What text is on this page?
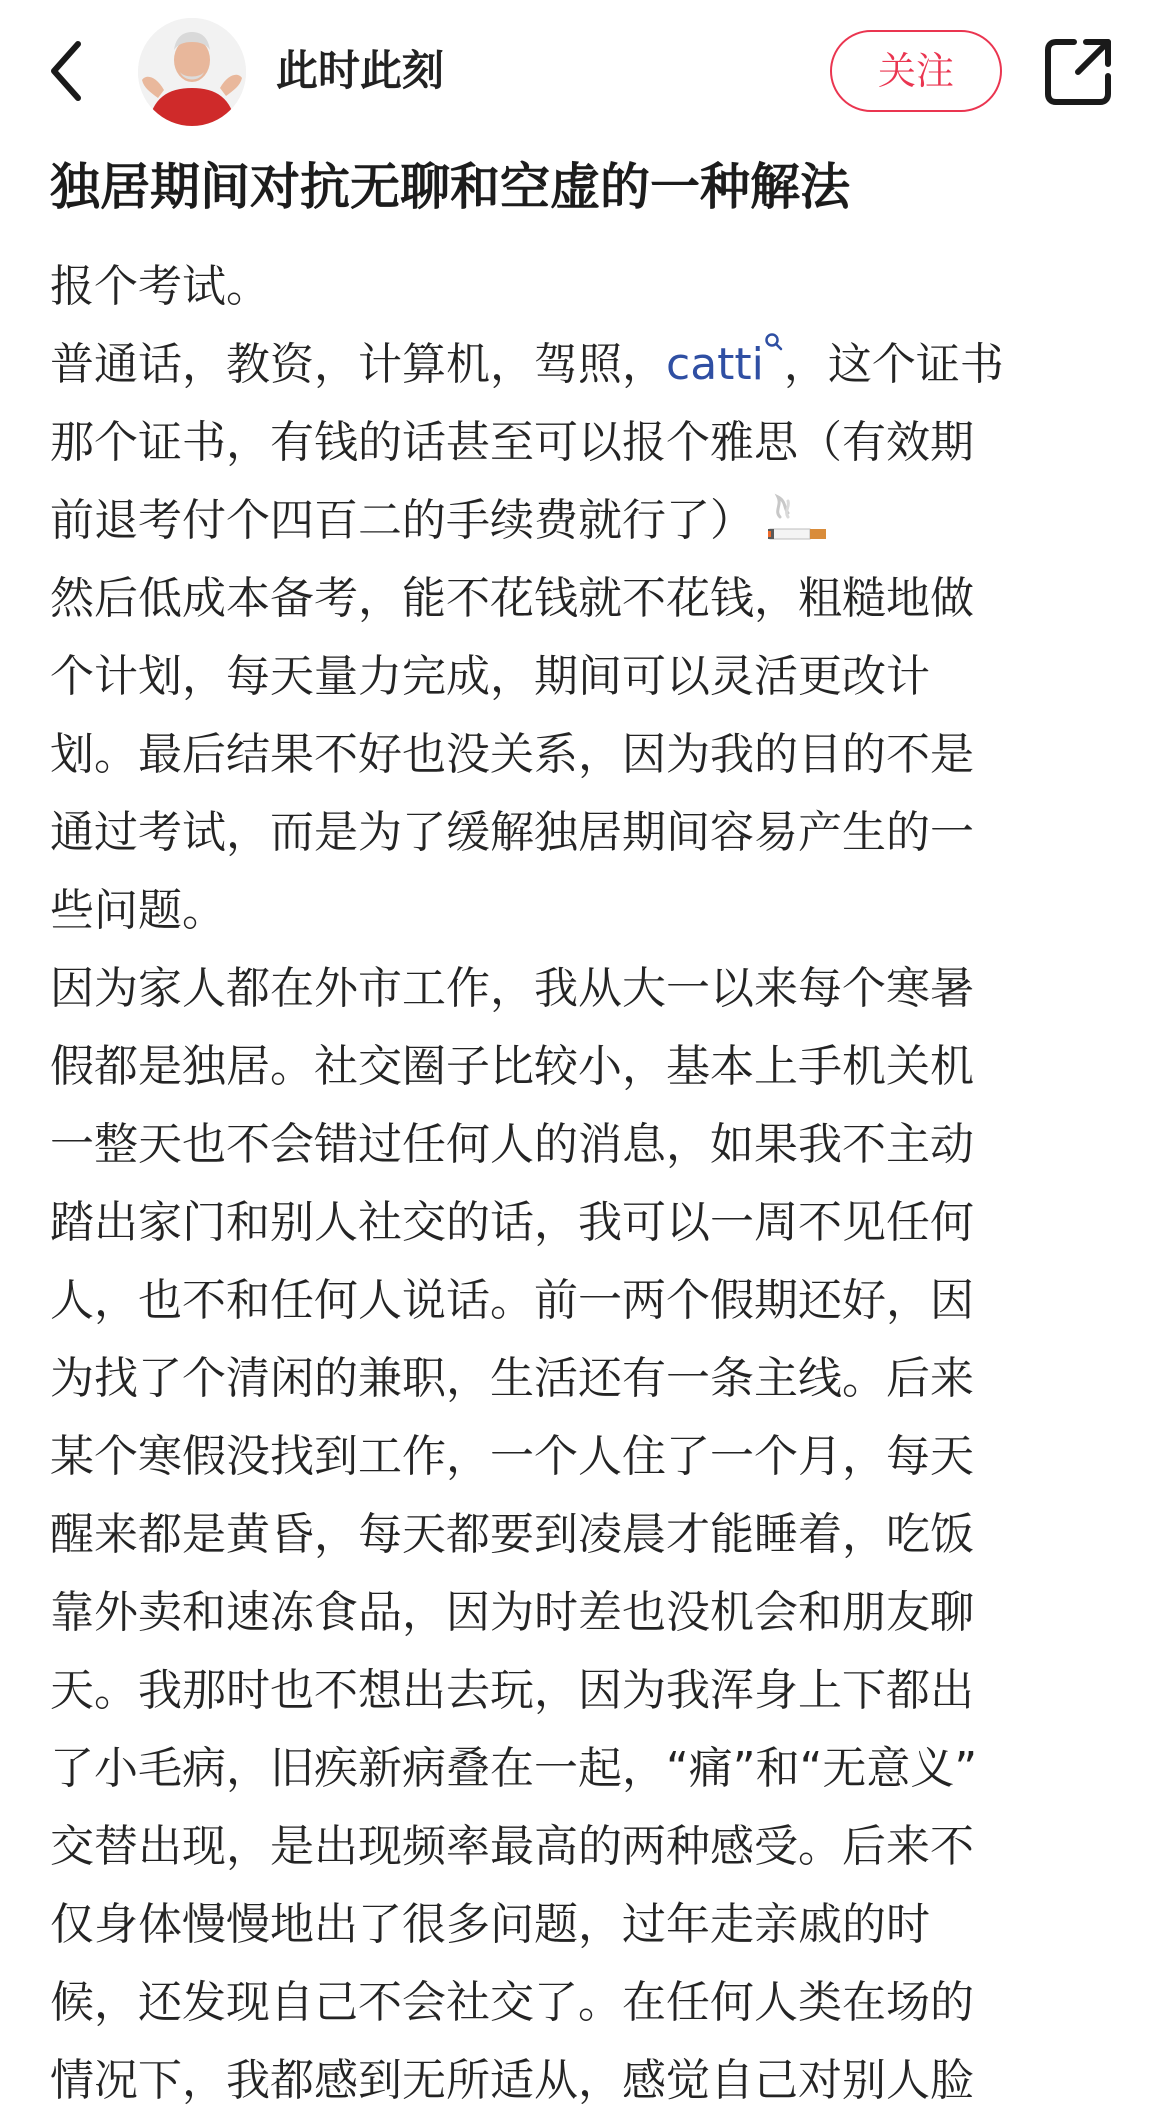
此时此刻	关注
独居期间对抗无聊和空虚的一种解法
报个考试。
普通话，教资，计算机，驾照，catti ，这个证书
那个证书，有钱的话甚至可以报个雅思（有效期
前退考付个四百二的手续费就行了）
然后低成本备考，能不花钱就不花钱，粗糙地做
个计划，每天量力完成，期间可以灵活更改计
划。最后结果不好也没关系，因为我的目的不是
通过考试，而是为了缓解独居期间容易产生的一
些问题。
因为家人都在外市工作，我从大一以来每个寒暑
假都是独居。社交圈子比较小，基本上手机关机
一整天也不会错过任何人的消息，如果我不主动
踏出家门和别人社交的话，我可以一周不见任何
人，也不和任何人说话。前一两个假期还好，因
为找了个清闲的兼职，生活还有一条主线。后来
某个寒假没找到工作，一个人住了一个月，每天
醒来都是黄昏，每天都要到凌晨才能睡着，吃饭
靠外卖和速冻食品，因为时差也没机会和朋友聊
天。我那时也不想出去玩，因为我浑身上下都出
了小毛病，旧疾新病叠在一起，“痛”和“无意义”
交替出现，是出现频率最高的两种感受。后来不
仅身体慢慢地出了很多问题，过年走亲戚的时
候，还发现自己不会社交了。在任何人类在场的
情况下，我都感到无所适从，感觉自己对别人脸
